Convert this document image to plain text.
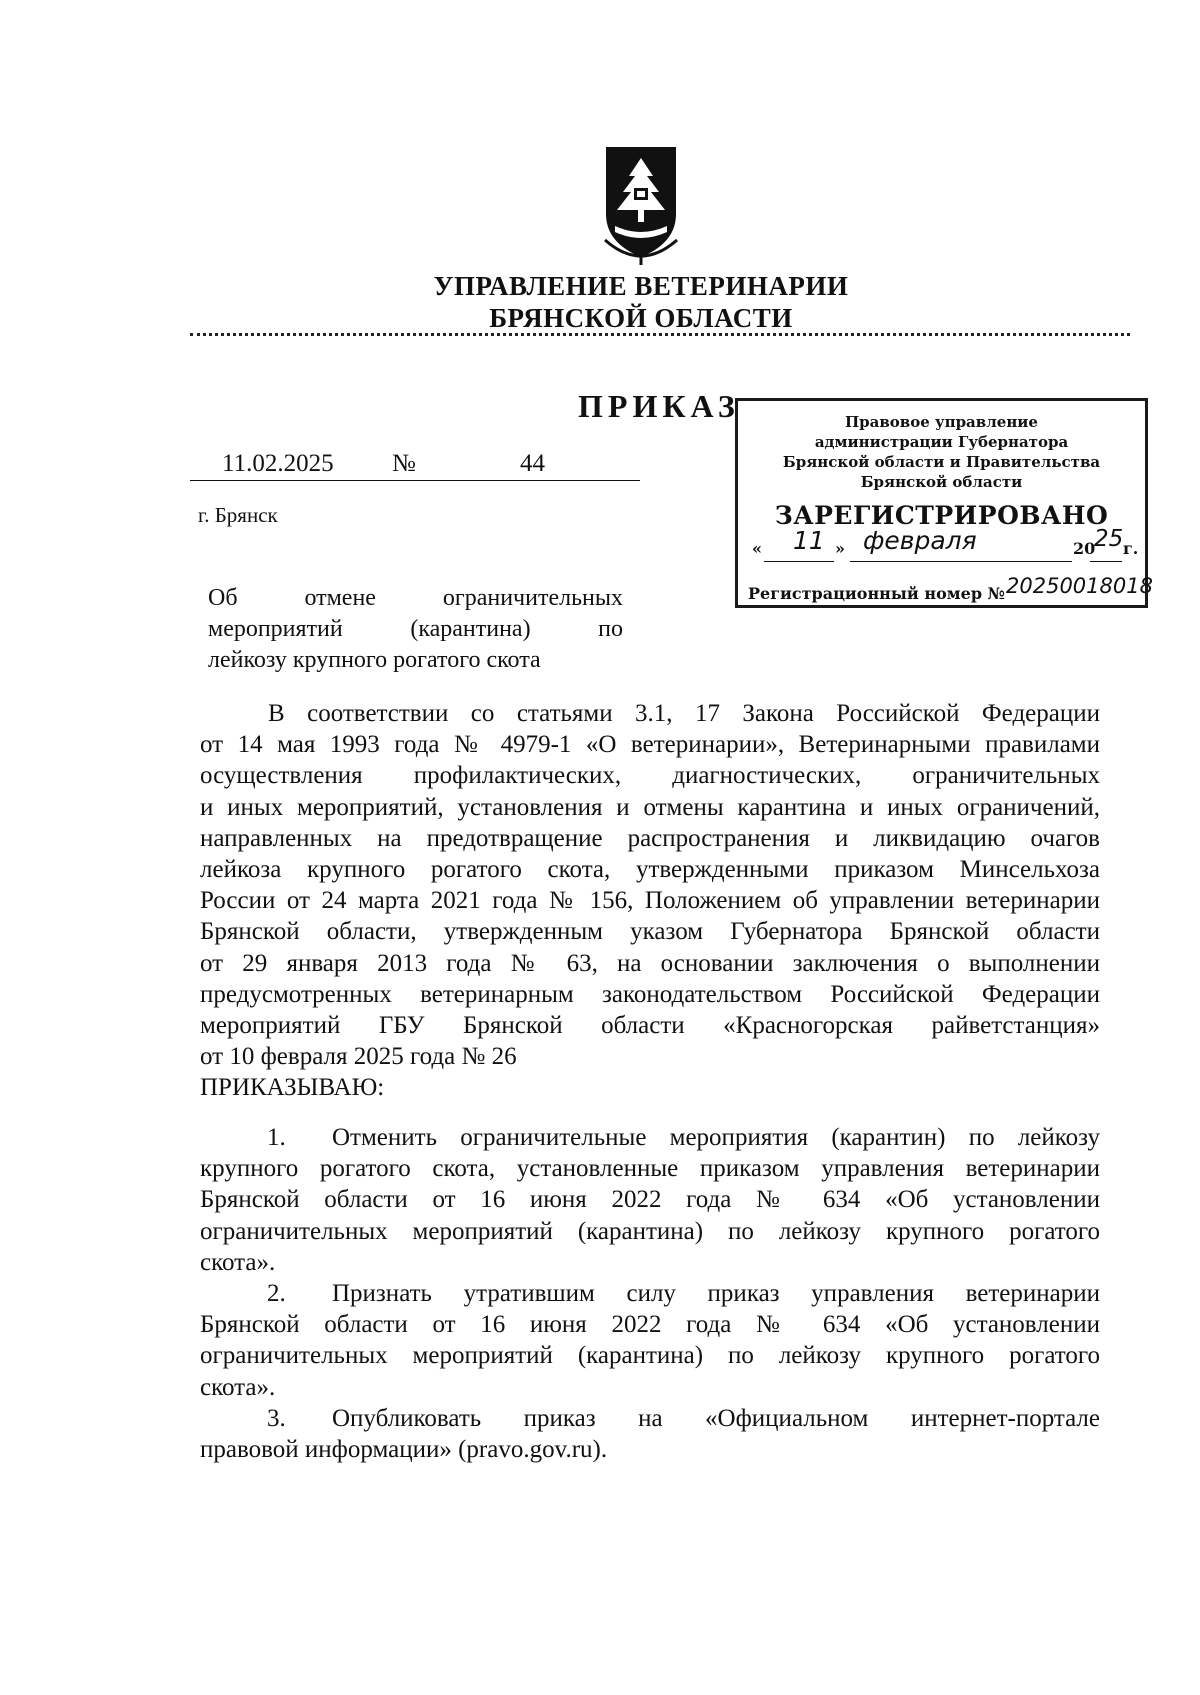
УПРАВЛЕНИЕ ВЕТЕРИНАРИИ
БРЯНСКОЙ ОБЛАСТИ
ПРИКАЗ
11.02.2025 №	44
г. Брянск
Правовое управление
администрации Губернатора
Брянской области и Правительства
Брянской области
ЗАРЕГИСТРИРОВАНО
« 11 » февраля	20
25 г.
Регистрационный номер № 20250018018
Об отмене ограничительных
мероприятий (карантина) по
лейкозу крупного рогатого скота
В соответствии со статьями 3.1, 17 Закона Российской Федерации
от 14 мая 1993 года № 4979-1 «О ветеринарии», Ветеринарными правилами
осуществления профилактических, диагностических, ограничительных
и иных мероприятий, установления и отмены карантина и иных ограничений,
направленных на предотвращение распространения и ликвидацию очагов
лейкоза крупного рогатого скота, утвержденными приказом Минсельхоза
России от 24 марта 2021 года № 156, Положением об управлении ветеринарии
Брянской области, утвержденным указом Губернатора Брянской области
от 29 января 2013 года № 63, на основании заключения о выполнении
предусмотренных ветеринарным законодательством Российской Федерации
мероприятий ГБУ Брянской области «Красногорская райветстанция»
от 10 февраля 2025 года № 26
ПРИКАЗЫВАЮ:
1. Отменить ограничительные мероприятия (карантин) по лейкозу
крупного рогатого скота, установленные приказом управления ветеринарии
Брянской области от 16 июня 2022 года № 634 «Об установлении
ограничительных мероприятий (карантина) по лейкозу крупного рогатого
скота».
2. Признать утратившим силу приказ управления ветеринарии
Брянской области от 16 июня 2022 года № 634 «Об установлении
ограничительных мероприятий (карантина) по лейкозу крупного рогатого
скота».
3. Опубликовать приказ на «Официальном интернет-портале
правовой информации» (pravo.gov.ru).
